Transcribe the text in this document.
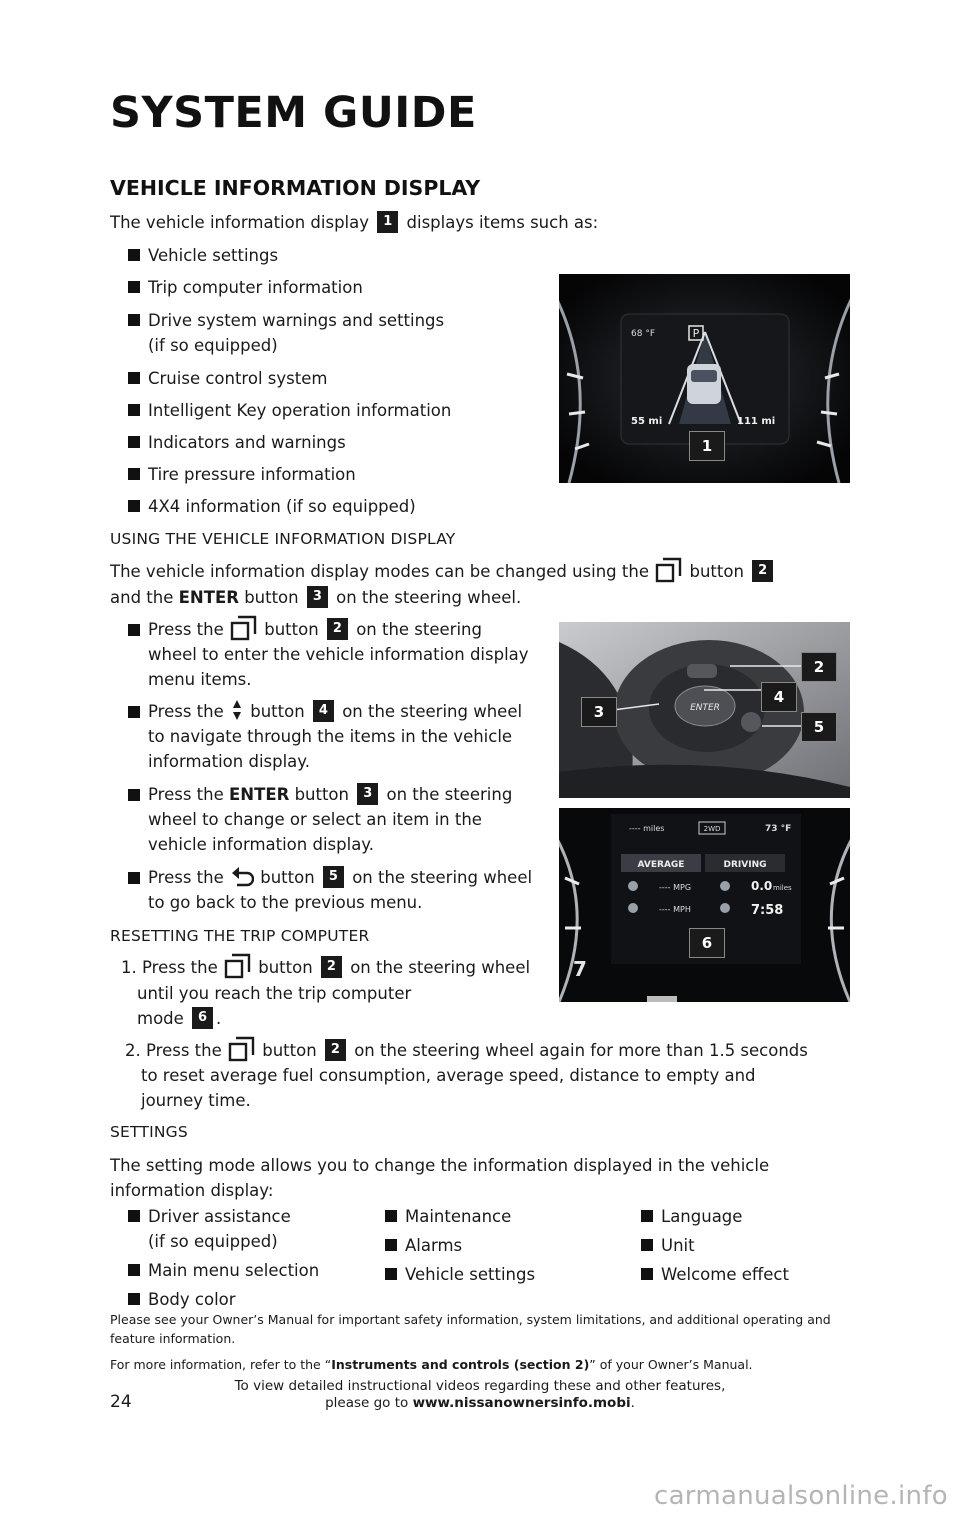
SYSTEM GUIDE
VEHICLE INFORMATION DISPLAY
The vehicle information display 1 displays items such as:
Vehicle settings
Trip computer information
Drive system warnings and settings
(if so equipped)
Cruise control system
Intelligent Key operation information
Indicators and warnings
Tire pressure information
4X4 information (if so equipped)
P
68 °F
55 mi	111 mi
1
USING THE VEHICLE INFORMATION DISPLAY
The vehicle information display modes can be changed using the button 2
and the ENTER button 3 on the steering wheel.
Press the button 2 on the steering
wheel to enter the vehicle information display
menu items.
Press the button 4 on the steering wheel
to navigate through the items in the vehicle
information display.
Press the ENTER button 3 on the steering
wheel to change or select an item in the
vehicle information display.
Press the button 5 on the steering wheel
to go back to the previous menu.
ENTER
2
4
3
5
---- miles	2WD	73 °F
AVERAGE	DRIVING
---- MPG
---- MPH
0.0 miles
7:58
7
6
RESETTING THE TRIP COMPUTER
1. Press the button 2 on the steering wheel
until you reach the trip computer
mode 6 .
2. Press the button 2 on the steering wheel again for more than 1.5 seconds
to reset average fuel consumption, average speed, distance to empty and
journey time.
SETTINGS
The setting mode allows you to change the information displayed in the vehicle
information display:
Driver assistance
(if so equipped)
Main menu selection
Body color
Maintenance
Alarms
Vehicle settings
Language
Unit
Welcome effect
Please see your Owner’s Manual for important safety information, system limitations, and additional operating and
feature information.
For more information, refer to the “Instruments and controls (section 2)” of your Owner’s Manual.
24
To view detailed instructional videos regarding these and other features,
please go to www.nissanownersinfo.mobi.
carmanualsonline.info
